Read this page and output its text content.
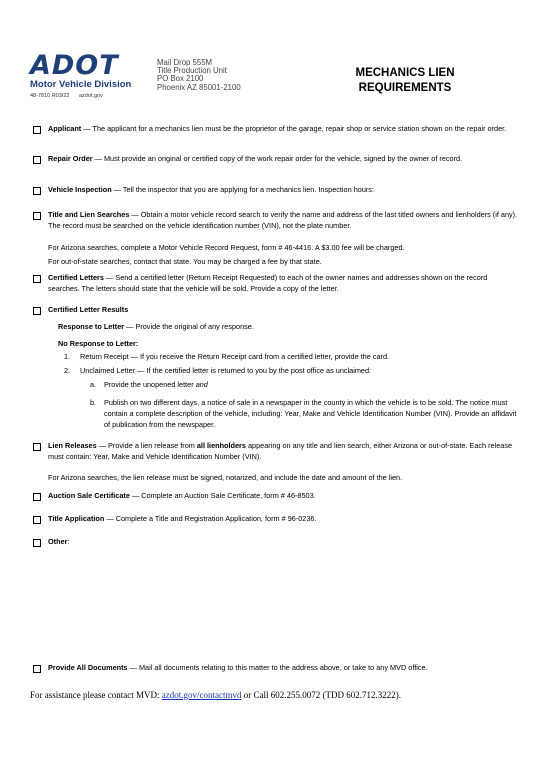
ADOT
Motor Vehicle Division
48-7810 R03/22 azdot.gov
Mail Drop 555M
Title Production Unit
PO Box 2100
Phoenix AZ 85001-2100
MECHANICS LIEN
REQUIREMENTS
Applicant — The applicant for a mechanics lien must be the proprietor of the garage, repair shop or service station shown on the repair order.
Repair Order — Must provide an original or certified copy of the work repair order for the vehicle, signed by the owner of record.
Vehicle Inspection — Tell the inspector that you are applying for a mechanics lien. Inspection hours:
Title and Lien Searches — Obtain a motor vehicle record search to verify the name and address of the last titled owners and lienholders (if any). The record must be searched on the vehicle identification number (VIN), not the plate number.
For Arizona searches, complete a Motor Vehicle Record Request, form # 46-4416. A $3.00 fee will be charged.
For out-of-state searches, contact that state. You may be charged a fee by that state.
Certified Letters — Send a certified letter (Return Receipt Requested) to each of the owner names and addresses shown on the record searches. The letters should state that the vehicle will be sold. Provide a copy of the letter.
Certified Letter Results
Response to Letter — Provide the original of any response.
No Response to Letter:
1. Return Receipt — If you receive the Return Receipt card from a certified letter, provide the card.
2. Unclaimed Letter — If the certified letter is returned to you by the post office as unclaimed:
a. Provide the unopened letter and
b. Publish on two different days, a notice of sale in a newspaper in the county in which the vehicle is to be sold. The notice must contain a complete description of the vehicle, including: Year, Make and Vehicle Identification Number (VIN). Provide an affidavit of publication from the newspaper.
Lien Releases — Provide a lien release from all lienholders appearing on any title and lien search, either Arizona or out-of-state. Each release must contain: Year, Make and Vehicle Identification Number (VIN).
For Arizona searches, the lien release must be signed, notarized, and include the date and amount of the lien.
Auction Sale Certificate — Complete an Auction Sale Certificate, form # 46-8503.
Title Application — Complete a Title and Registration Application, form # 96-0236.
Other:
Provide All Documents — Mail all documents relating to this matter to the address above, or take to any MVD office.
For assistance please contact MVD: azdot.gov/contactmvd or Call 602.255.0072 (TDD 602.712.3222).
